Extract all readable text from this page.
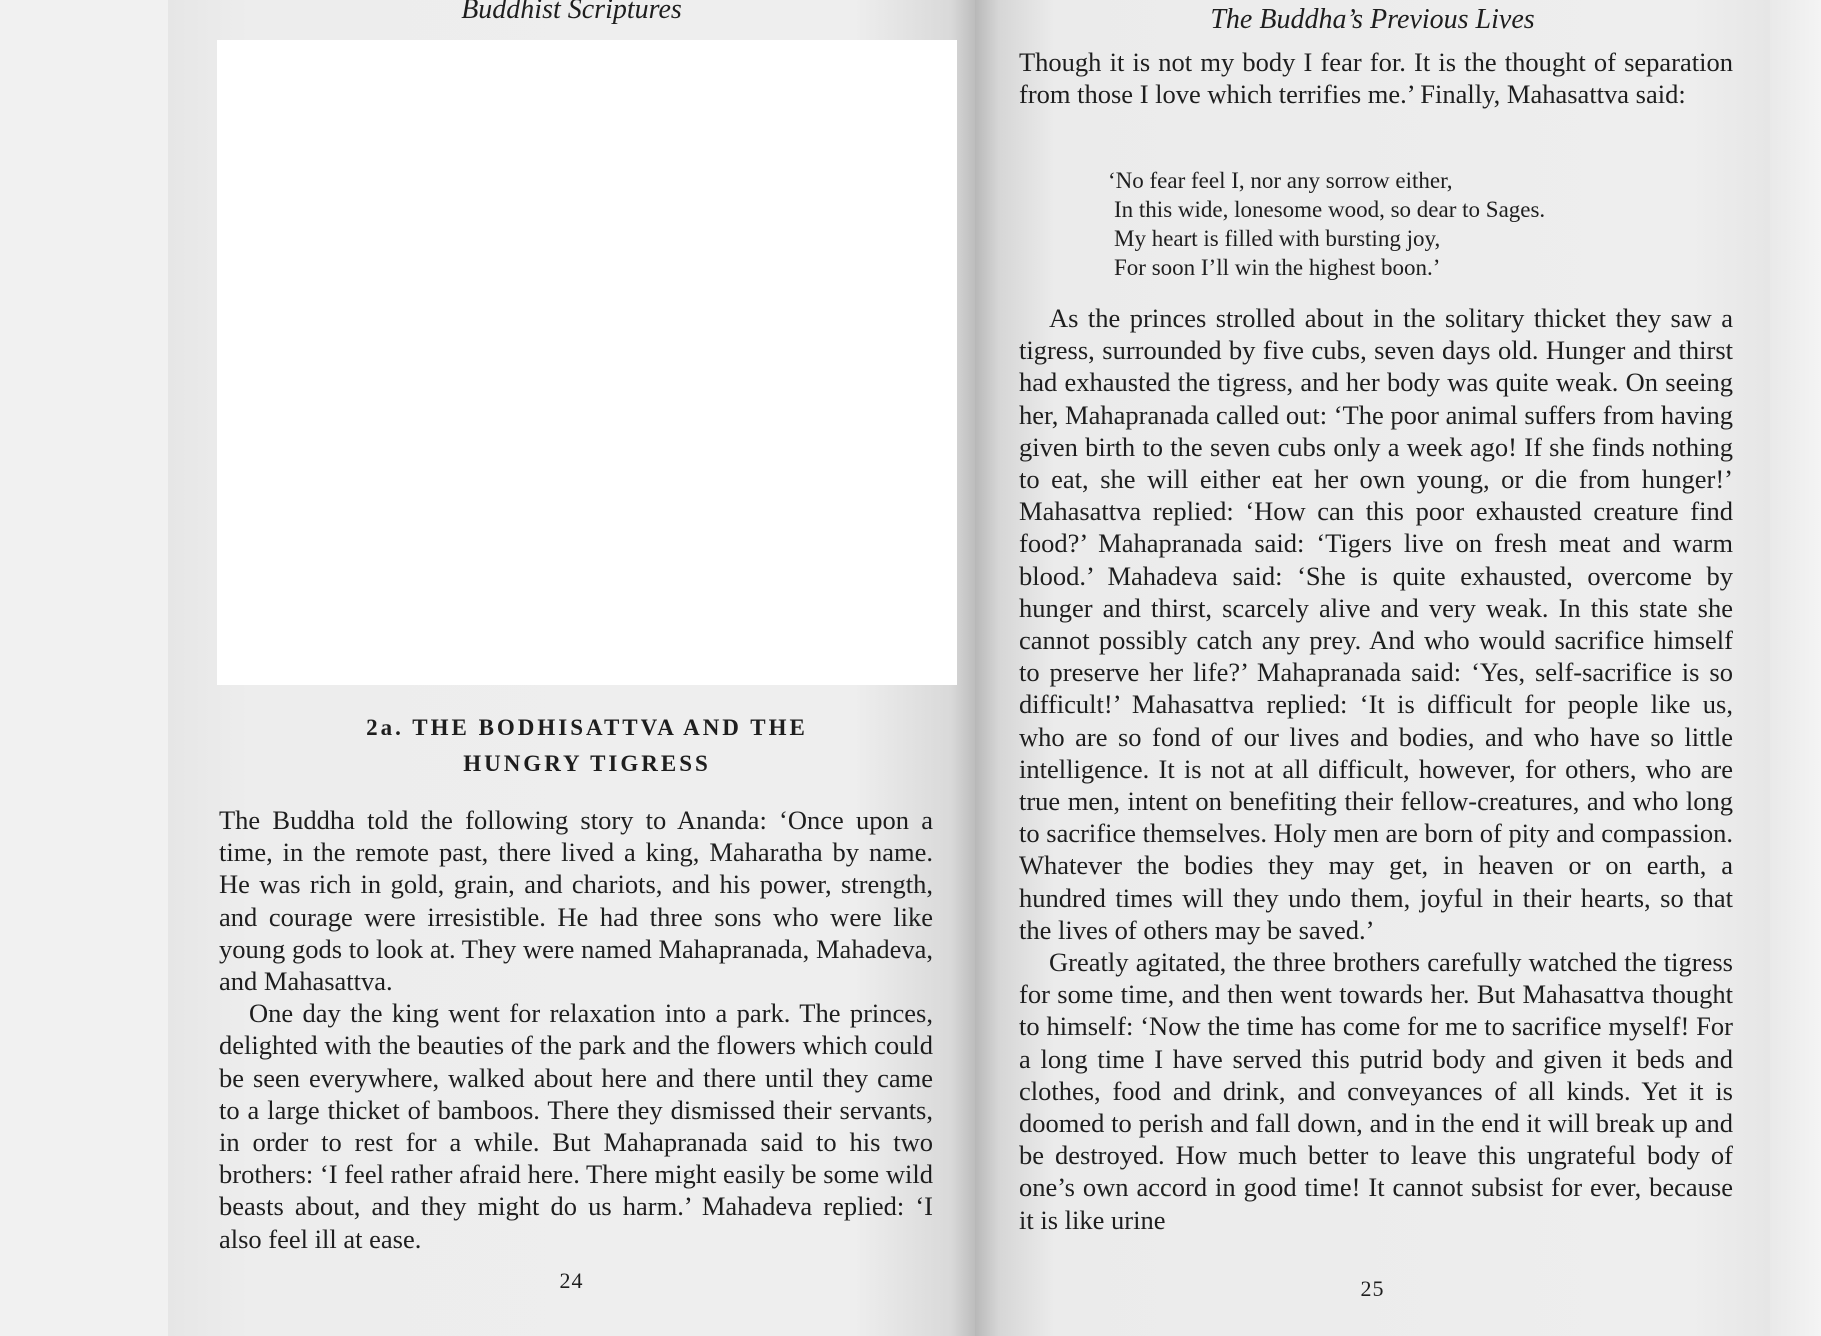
Buddhist Scriptures
2a. THE BODHISATTVA AND THE
HUNGRY TIGRESS

The Buddha told the following story to Ananda: ‘Once upon a time, in the remote past, there lived a king, Maharatha by name. He was rich in gold, grain, and chariots, and his power, strength, and courage were irresistible. He had three sons who were like young gods to look at. They were named Mahapranada, Mahadeva, and Mahasattva.

One day the king went for relaxation into a park. The princes, delighted with the beauties of the park and the flowers which could be seen everywhere, walked about here and there until they came to a large thicket of bamboos. There they dismissed their servants, in order to rest for a while. But Mahapranada said to his two brothers: ‘I feel rather afraid here. There might easily be some wild beasts about, and they might do us harm.’ Mahadeva replied: ‘I also feel ill at ease.

24
The Buddha’s Previous Lives

Though it is not my body I fear for. It is the thought of separation from those I love which terrifies me.’ Finally, Mahasattva said:

‘No fear feel I, nor any sorrow either,
In this wide, lonesome wood, so dear to Sages.
My heart is filled with bursting joy,
For soon I’ll win the highest boon.’

As the princes strolled about in the solitary thicket they saw a tigress, surrounded by five cubs, seven days old. Hunger and thirst had exhausted the tigress, and her body was quite weak. On seeing her, Mahapranada called out: ‘The poor animal suffers from having given birth to the seven cubs only a week ago! If she finds nothing to eat, she will either eat her own young, or die from hunger!’ Mahasattva replied: ‘How can this poor exhausted creature find food?’ Mahapranada said: ‘Tigers live on fresh meat and warm blood.’ Mahadeva said: ‘She is quite exhausted, overcome by hunger and thirst, scarcely alive and very weak. In this state she cannot possibly catch any prey. And who would sacrifice himself to preserve her life?’ Mahapranada said: ‘Yes, self-sacrifice is so difficult!’ Mahasattva replied: ‘It is difficult for people like us, who are so fond of our lives and bodies, and who have so little intelligence. It is not at all difficult, however, for others, who are true men, intent on benefiting their fellow-creatures, and who long to sacrifice themselves. Holy men are born of pity and compassion. Whatever the bodies they may get, in heaven or on earth, a hundred times will they undo them, joyful in their hearts, so that the lives of others may be saved.’

Greatly agitated, the three brothers carefully watched the tigress for some time, and then went towards her. But Mahasattva thought to himself: ‘Now the time has come for me to sacrifice myself! For a long time I have served this putrid body and given it beds and clothes, food and drink, and conveyances of all kinds. Yet it is doomed to perish and fall down, and in the end it will break up and be destroyed. How much better to leave this ungrateful body of one’s own accord in good time! It cannot subsist for ever, because it is like urine

25
